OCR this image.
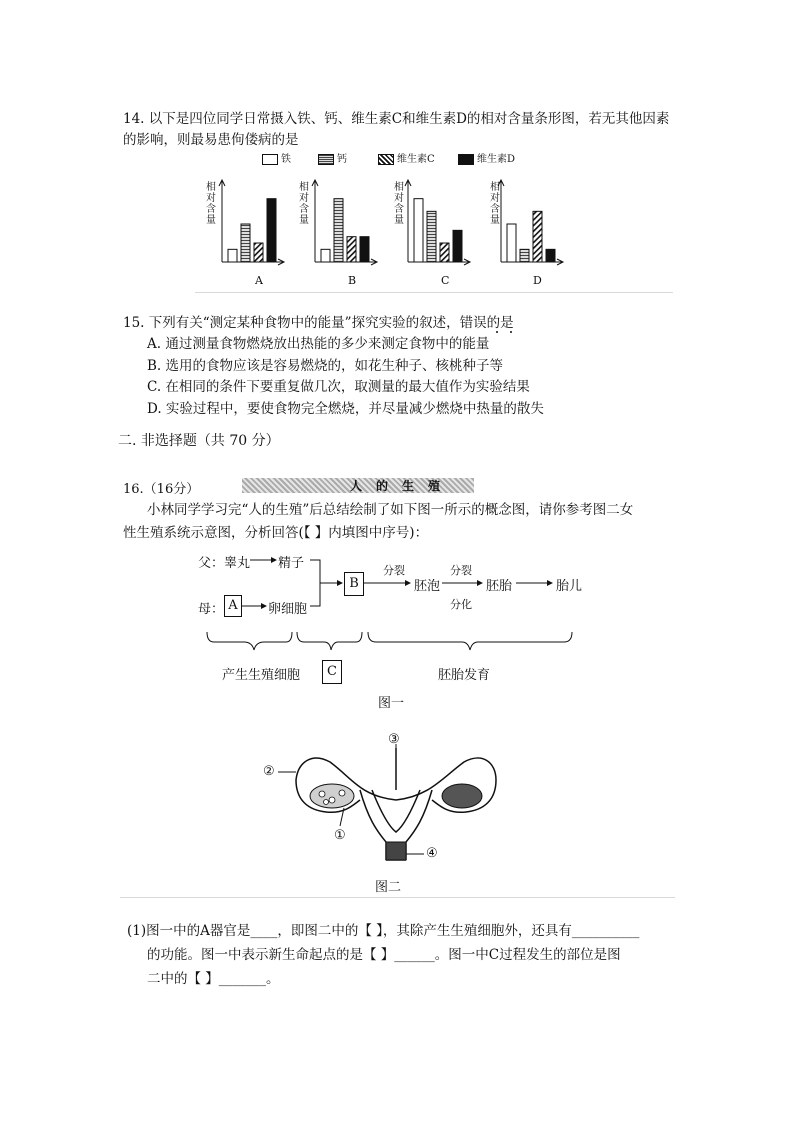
14. 以下是四位同学日常摄入铁、钙、维生素C和维生素D的相对含量条形图，若无其他因素
的影响，则最易患佝偻病的是
铁	钙	维生素C	维生素D
相
对
含
量
相
对
含
量
相
对
含
量
相
对
含
量
A	B	C	D
15. 下列有关“测定某种食物中的能量”探究实验的叙述，错误的是
A. 通过测量食物燃烧放出热能的多少来测定食物中的能量
B. 选用的食物应该是容易燃烧的，如花生种子、核桃种子等
C. 在相同的条件下要重复做几次，取测量的最大值作为实验结果
D. 实验过程中，要使食物完全燃烧，并尽量减少燃烧中热量的散失
二. 非选择题（共 70 分）
16.（16分）	人的生殖
小林同学学习完“人的生殖”后总结绘制了如下图一所示的概念图，请你参考图二女
性生殖系统示意图，分析回答(【 】内填图中序号)：
父：睾丸 精子
母： A	卵细胞
B
分裂
胚泡
分裂
分化
胚胎	胎儿
产生生殖细胞	C	胚胎发育
图一
②
①
③
④
图二
(1)图一中的A器官是____，即图二中的【 】，其除产生生殖细胞外，还具有__________
的功能。图一中表示新生命起点的是【 】______。图一中C过程发生的部位是图
二中的【 】_______。
